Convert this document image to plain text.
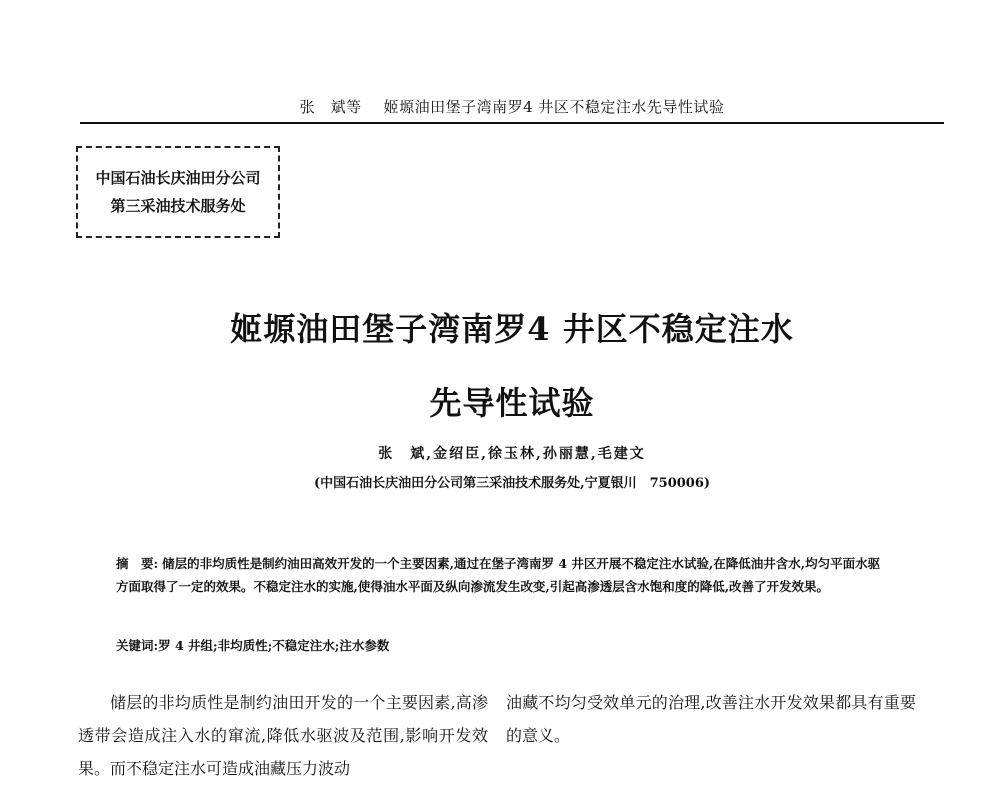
张　斌等 姬塬油田堡子湾南罗4 井区不稳定注水先导性试验
中国石油长庆油田分公司
第三采油技术服务处
姬塬油田堡子湾南罗4 井区不稳定注水
先导性试验
张　斌,金绍臣,徐玉林,孙丽慧,毛建文
(中国石油长庆油田分公司第三采油技术服务处,宁夏银川　750006)
摘　要: 储层的非均质性是制约油田高效开发的一个主要因素,通过在堡子湾南罗 4 井区开展不稳定注水试验,在降低油井含水,均匀平面水驱方面取得了一定的效果。不稳定注水的实施,使得油水平面及纵向渗流发生改变,引起高渗透层含水饱和度的降低,改善了开发效果。
关键词:罗 4 井组;非均质性;不稳定注水;注水参数
储层的非均质性是制约油田开发的一个主要因素,高渗透带会造成注入水的窜流,降低水驱波及范围,影响开发效果。而不稳定注水可造成油藏压力波动
油藏不均匀受效单元的治理,改善注水开发效果都具有重要的意义。
